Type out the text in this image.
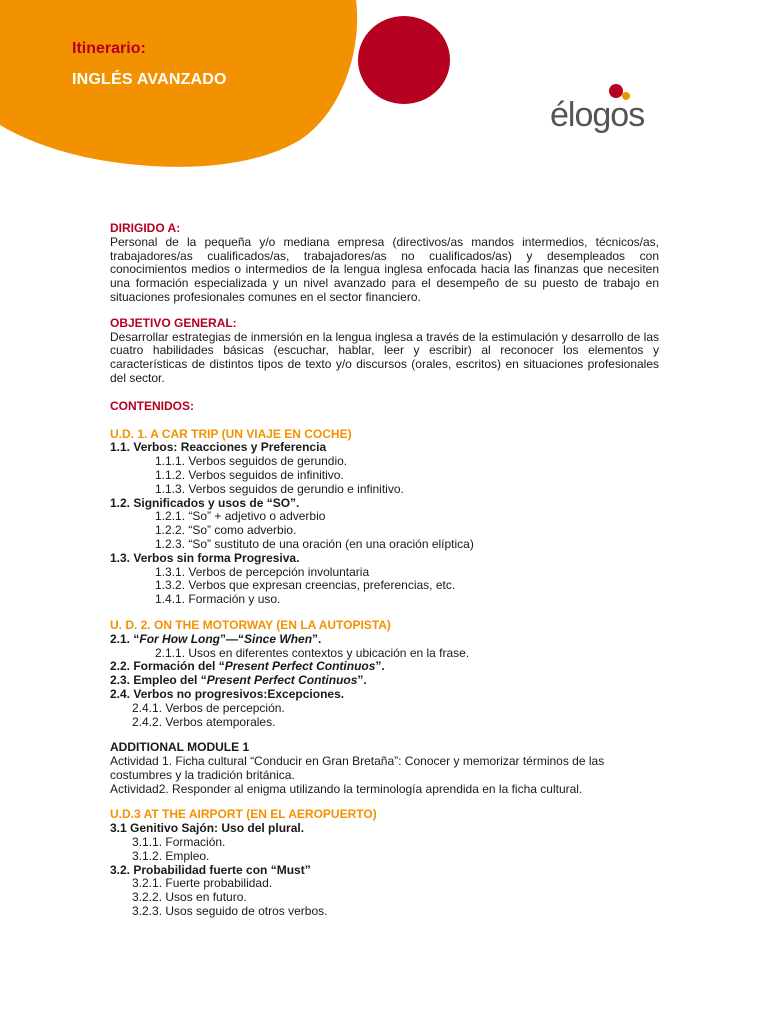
Itinerario:
INGLÉS AVANZADO
élogos
DIRIGIDO A:
Personal de la pequeña y/o mediana empresa (directivos/as mandos intermedios, técnicos/as, trabajadores/as cualificados/as, trabajadores/as no cualificados/as) y desempleados con conocimientos medios o intermedios de la lengua inglesa enfocada hacia las finanzas que necesiten una formación especializada y un nivel avanzado para el desempeño de su puesto de trabajo en situaciones profesionales comunes en el sector financiero.
OBJETIVO GENERAL:
Desarrollar estrategias de inmersión en la lengua inglesa a través de la estimulación y desarrollo de las cuatro habilidades básicas (escuchar, hablar, leer y escribir) al reconocer los elementos y características de distintos tipos de texto y/o discursos (orales, escritos) en situaciones profesionales del sector.
CONTENIDOS:
U.D. 1. A CAR TRIP (UN VIAJE EN COCHE)
1.1. Verbos: Reacciones y Preferencia
1.1.1. Verbos seguidos de gerundio.
1.1.2. Verbos seguidos de infinitivo.
1.1.3. Verbos seguidos de gerundio e infinitivo.
1.2. Significados y usos de “SO”.
1.2.1. “So” + adjetivo o adverbio
1.2.2. “So” como adverbio.
1.2.3. “So” sustituto de una oración (en una oración elíptica)
1.3. Verbos sin forma Progresiva.
1.3.1. Verbos de percepción involuntaria
1.3.2. Verbos que expresan creencias, preferencias, etc.
1.4.1. Formación y uso.
U. D. 2. ON THE MOTORWAY (EN LA AUTOPISTA)
2.1. “For How Long”—“Since When”.
2.1.1. Usos en diferentes contextos y ubicación en la frase.
2.2. Formación del “Present Perfect Continuos”.
2.3. Empleo del “Present Perfect Continuos”.
2.4. Verbos no progresivos:Excepciones.
2.4.1. Verbos de percepción.
2.4.2. Verbos atemporales.
ADDITIONAL MODULE 1
Actividad 1. Ficha cultural “Conducir en Gran Bretaña”: Conocer y memorizar términos de las costumbres y la tradición británica.
Actividad2. Responder al enigma utilizando la terminología aprendida en la ficha cultural.
U.D.3 AT THE AIRPORT (EN EL AEROPUERTO)
3.1 Genitivo Sajón: Uso del plural.
3.1.1. Formación.
3.1.2. Empleo.
3.2. Probabilidad fuerte con “Must”
3.2.1. Fuerte probabilidad.
3.2.2. Usos en futuro.
3.2.3. Usos seguido de otros verbos.
